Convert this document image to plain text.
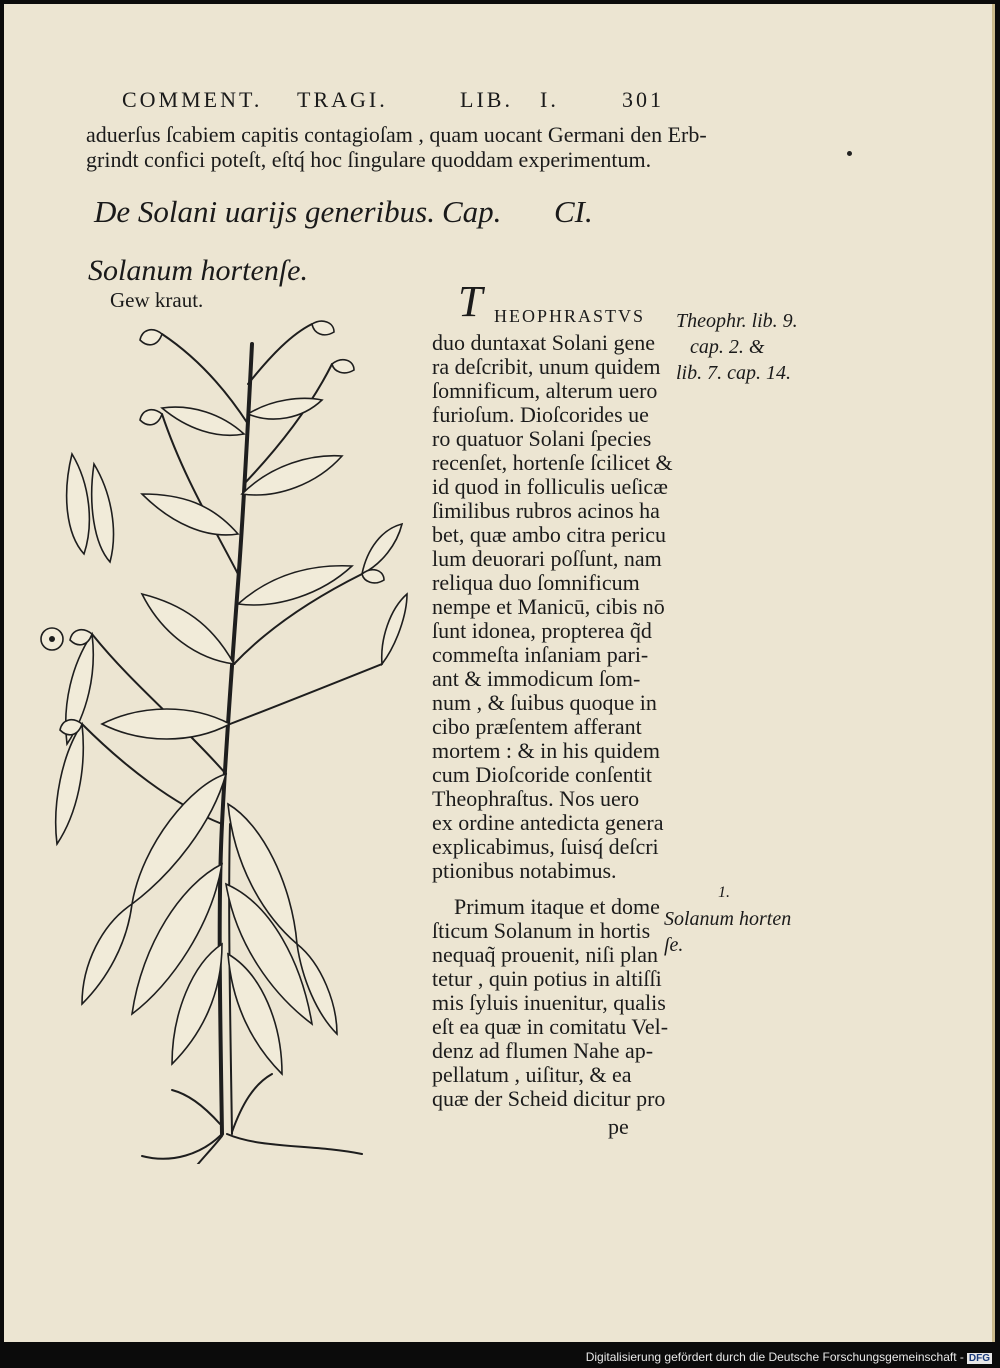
COMMENT. TRAGI.	LIB. I.	301
aduerſus ſcabiem capitis contagioſam , quam uocant Germani den Erb-
grindt confici poteſt, eſtq́ hoc ſingulare quoddam experimentum.
De Solani uarijs generibus. Cap. CI.
Solanum hortenſe.
Gew kraut.	T HEOPHRASTVS
duo duntaxat Solani gene
ra deſcribit, unum quidem
ſomnificum, alterum uero
furioſum. Dioſcorides ue
ro quatuor Solani ſpecies
recenſet, hortenſe ſcilicet &
id quod in folliculis ueſicæ
ſimilibus rubros acinos ha
bet, quæ ambo citra pericu
lum deuorari poſſunt, nam
reliqua duo ſomnificum
nempe et Manicū, cibis nō
ſunt idonea, propterea q̃d
commeſta inſaniam pari-
ant & immodicum ſom-
num , & ſuibus quoque in
cibo præſentem afferant
mortem : & in his quidem
cum Dioſcoride conſentit
Theophraſtus. Nos uero
ex ordine antedicta genera
explicabimus, ſuisq́ deſcri
ptionibus notabimus.
Primum itaque et dome
ſticum Solanum in hortis
nequaq̃ prouenit, niſi plan
tetur , quin potius in altiſſi
mis ſyluis inuenitur, qualis
eſt ea quæ in comitatu Vel-
denz ad flumen Nahe ap-
pellatum , uiſitur, & ea
quæ der Scheid dicitur pro
pe
Theophr. lib. 9.
cap. 2. &
lib. 7. cap. 14.
1.
Solanum horten
ſe.
Digitalisierung gefördert durch die Deutsche Forschungsgemeinschaft - DFG
